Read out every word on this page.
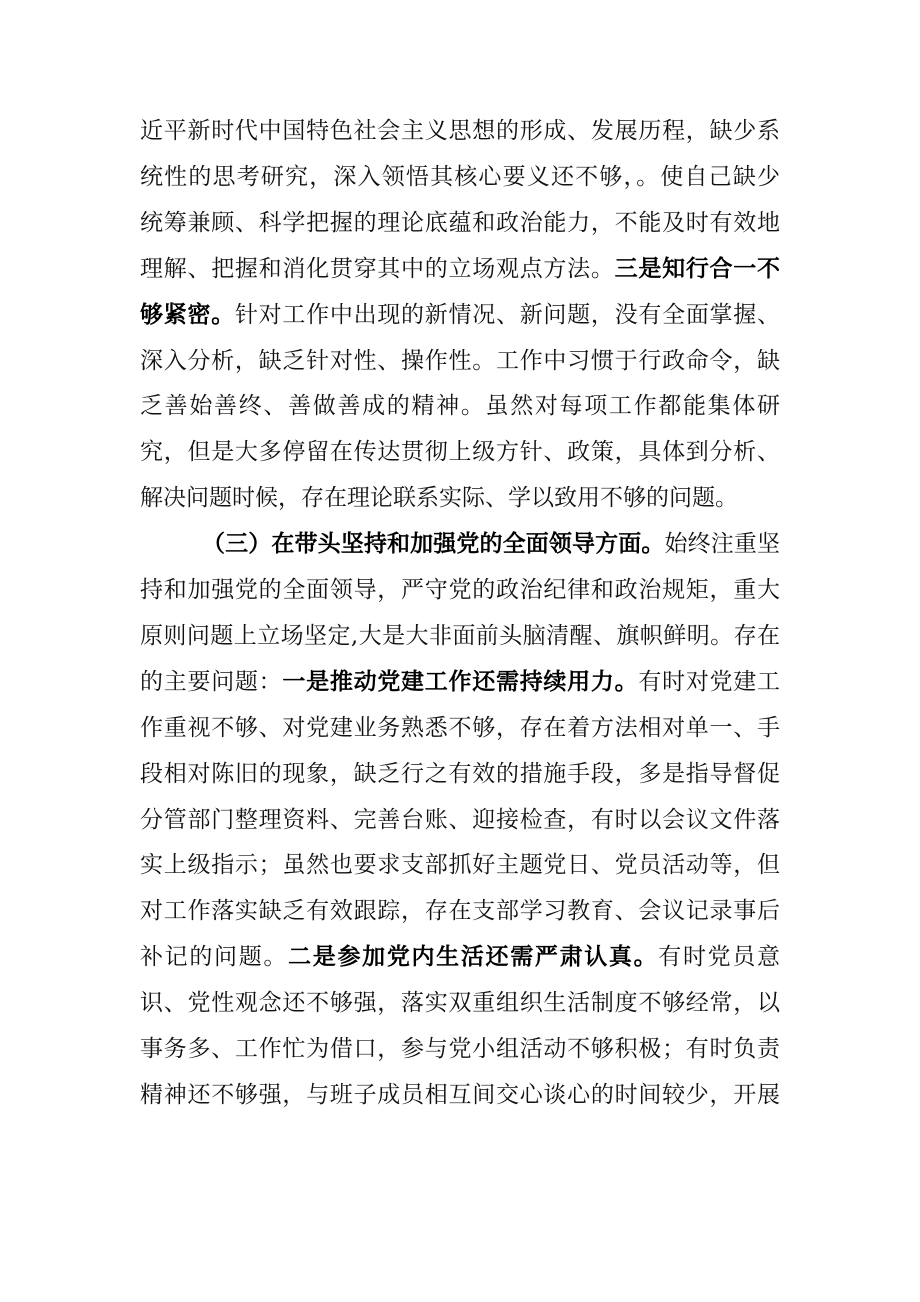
近平新时代中国特色社会主义思想的形成、发展历程，缺少系
统性的思考研究，深入领悟其核心要义还不够，。使自己缺少
统筹兼顾、科学把握的理论底蕴和政治能力，不能及时有效地
理解、把握和消化贯穿其中的立场观点方法。三是知行合一不
够紧密。针对工作中出现的新情况、新问题，没有全面掌握、
深入分析，缺乏针对性、操作性。工作中习惯于行政命令，缺
乏善始善终、善做善成的精神。虽然对每项工作都能集体研
究，但是大多停留在传达贯彻上级方针、政策，具体到分析、
解决问题时候，存在理论联系实际、学以致用不够的问题。
（三）在带头坚持和加强党的全面领导方面。始终注重坚
持和加强党的全面领导，严守党的政治纪律和政治规矩，重大
原则问题上立场坚定,大是大非面前头脑清醒、旗帜鲜明。存在
的主要问题：一是推动党建工作还需持续用力。有时对党建工
作重视不够、对党建业务熟悉不够，存在着方法相对单一、手
段相对陈旧的现象，缺乏行之有效的措施手段，多是指导督促
分管部门整理资料、完善台账、迎接检查，有时以会议文件落
实上级指示；虽然也要求支部抓好主题党日、党员活动等，但
对工作落实缺乏有效跟踪，存在支部学习教育、会议记录事后
补记的问题。二是参加党内生活还需严肃认真。有时党员意
识、党性观念还不够强，落实双重组织生活制度不够经常，以
事务多、工作忙为借口，参与党小组活动不够积极；有时负责
精神还不够强，与班子成员相互间交心谈心的时间较少，开展
